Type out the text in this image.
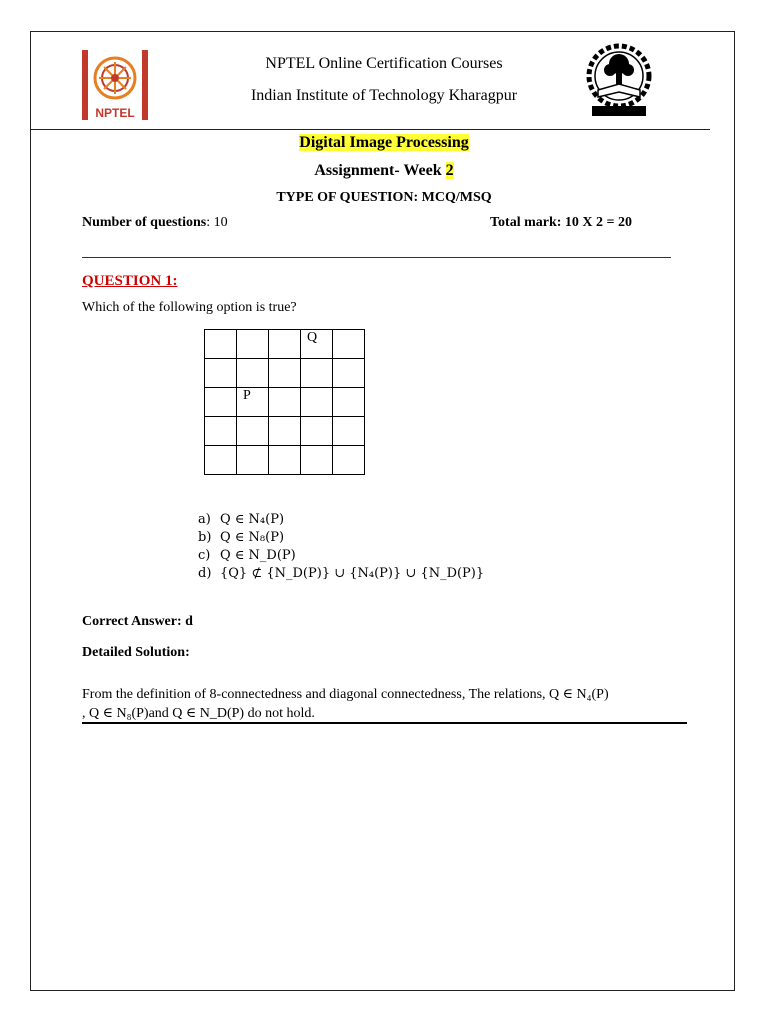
NPTEL
NPTEL Online Certification Courses
Indian Institute of Technology Kharagpur
Digital Image Processing
Assignment- Week 2
TYPE OF QUESTION: MCQ/MSQ
Number of questions: 10	Total mark: 10 X 2 = 20
QUESTION 1:
Which of the following option is true?
			Q	

	P			

a) Q ∈ N₄(P)
b) Q ∈ N₈(P)
c) Q ∈ N_D(P)
d) {Q} ⊄ {N_D(P)} ∪ {N₄(P)} ∪ {N_D(P)}
Correct Answer: d
Detailed Solution:
From the definition of 8-connectedness and diagonal connectedness, The relations, Q ∈ N₄(P)
, Q ∈ N₈(P)and Q ∈ N_D(P) do not hold.
